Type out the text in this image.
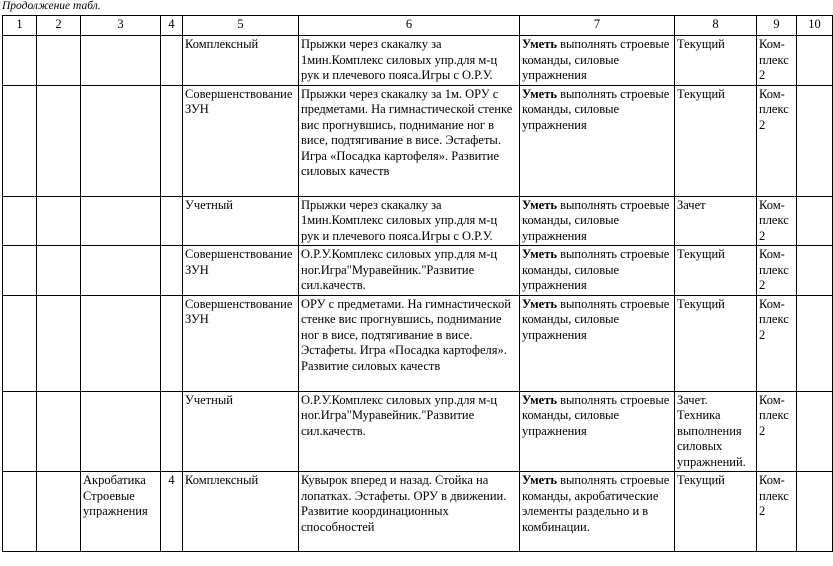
Продолжение табл.
1	2	3	4	5	6	7	8	9	10
				Комплексный	Прыжки через скакалку за 1мин.Комплекс силовых упр.для м-ц рук и плечевого пояса.Игры с О.Р.У.	Уметь выполнять строевые команды, силовые упражнения	Текущий	Ком-плекс 2	
				Совершенствование ЗУН	Прыжки через скакалку за 1м. ОРУ с предметами. На гимнастической стенке вис прогнувшись, поднимание ног в висе, подтягивание в висе. Эстафеты. Игра «Посадка картофеля». Развитие силовых качеств	Уметь выполнять строевые команды, силовые упражнения	Текущий	Ком-плекс 2	
				Учетный	Прыжки через скакалку за 1мин.Комплекс силовых упр.для м-ц рук и плечевого пояса.Игры с О.Р.У.	Уметь выполнять строевые команды, силовые упражнения	Зачет	Ком-плекс 2	
				Совершенствование ЗУН	О.Р.У.Комплекс силовых упр.для м-ц ног.Игра"Муравейник."Развитие сил.качеств.	Уметь выполнять строевые команды, силовые упражнения	Текущий	Ком-плекс 2	
				Совершенствование ЗУН	ОРУ с предметами. На гимнастической стенке вис прогнувшись, поднимание ног в висе, подтягивание в висе. Эстафеты. Игра «Посадка картофеля». Развитие силовых качеств	Уметь выполнять строевые команды, силовые упражнения	Текущий	Ком-плекс 2	
				Учетный	О.Р.У.Комплекс силовых упр.для м-ц ног.Игра"Муравейник."Развитие сил.качеств.	Уметь выполнять строевые команды, силовые упражнения	Зачет. Техника выполнения силовых упражнений.	Ком-плекс 2	
		Акробатика Строевые упражнения	4	Комплексный	Кувырок вперед и назад. Стойка на лопатках. Эстафеты. ОРУ в движении. Развитие координационных способностей	Уметь выполнять строевые команды, акробатические элементы раздельно и в комбинации.	Текущий	Ком-плекс 2	
